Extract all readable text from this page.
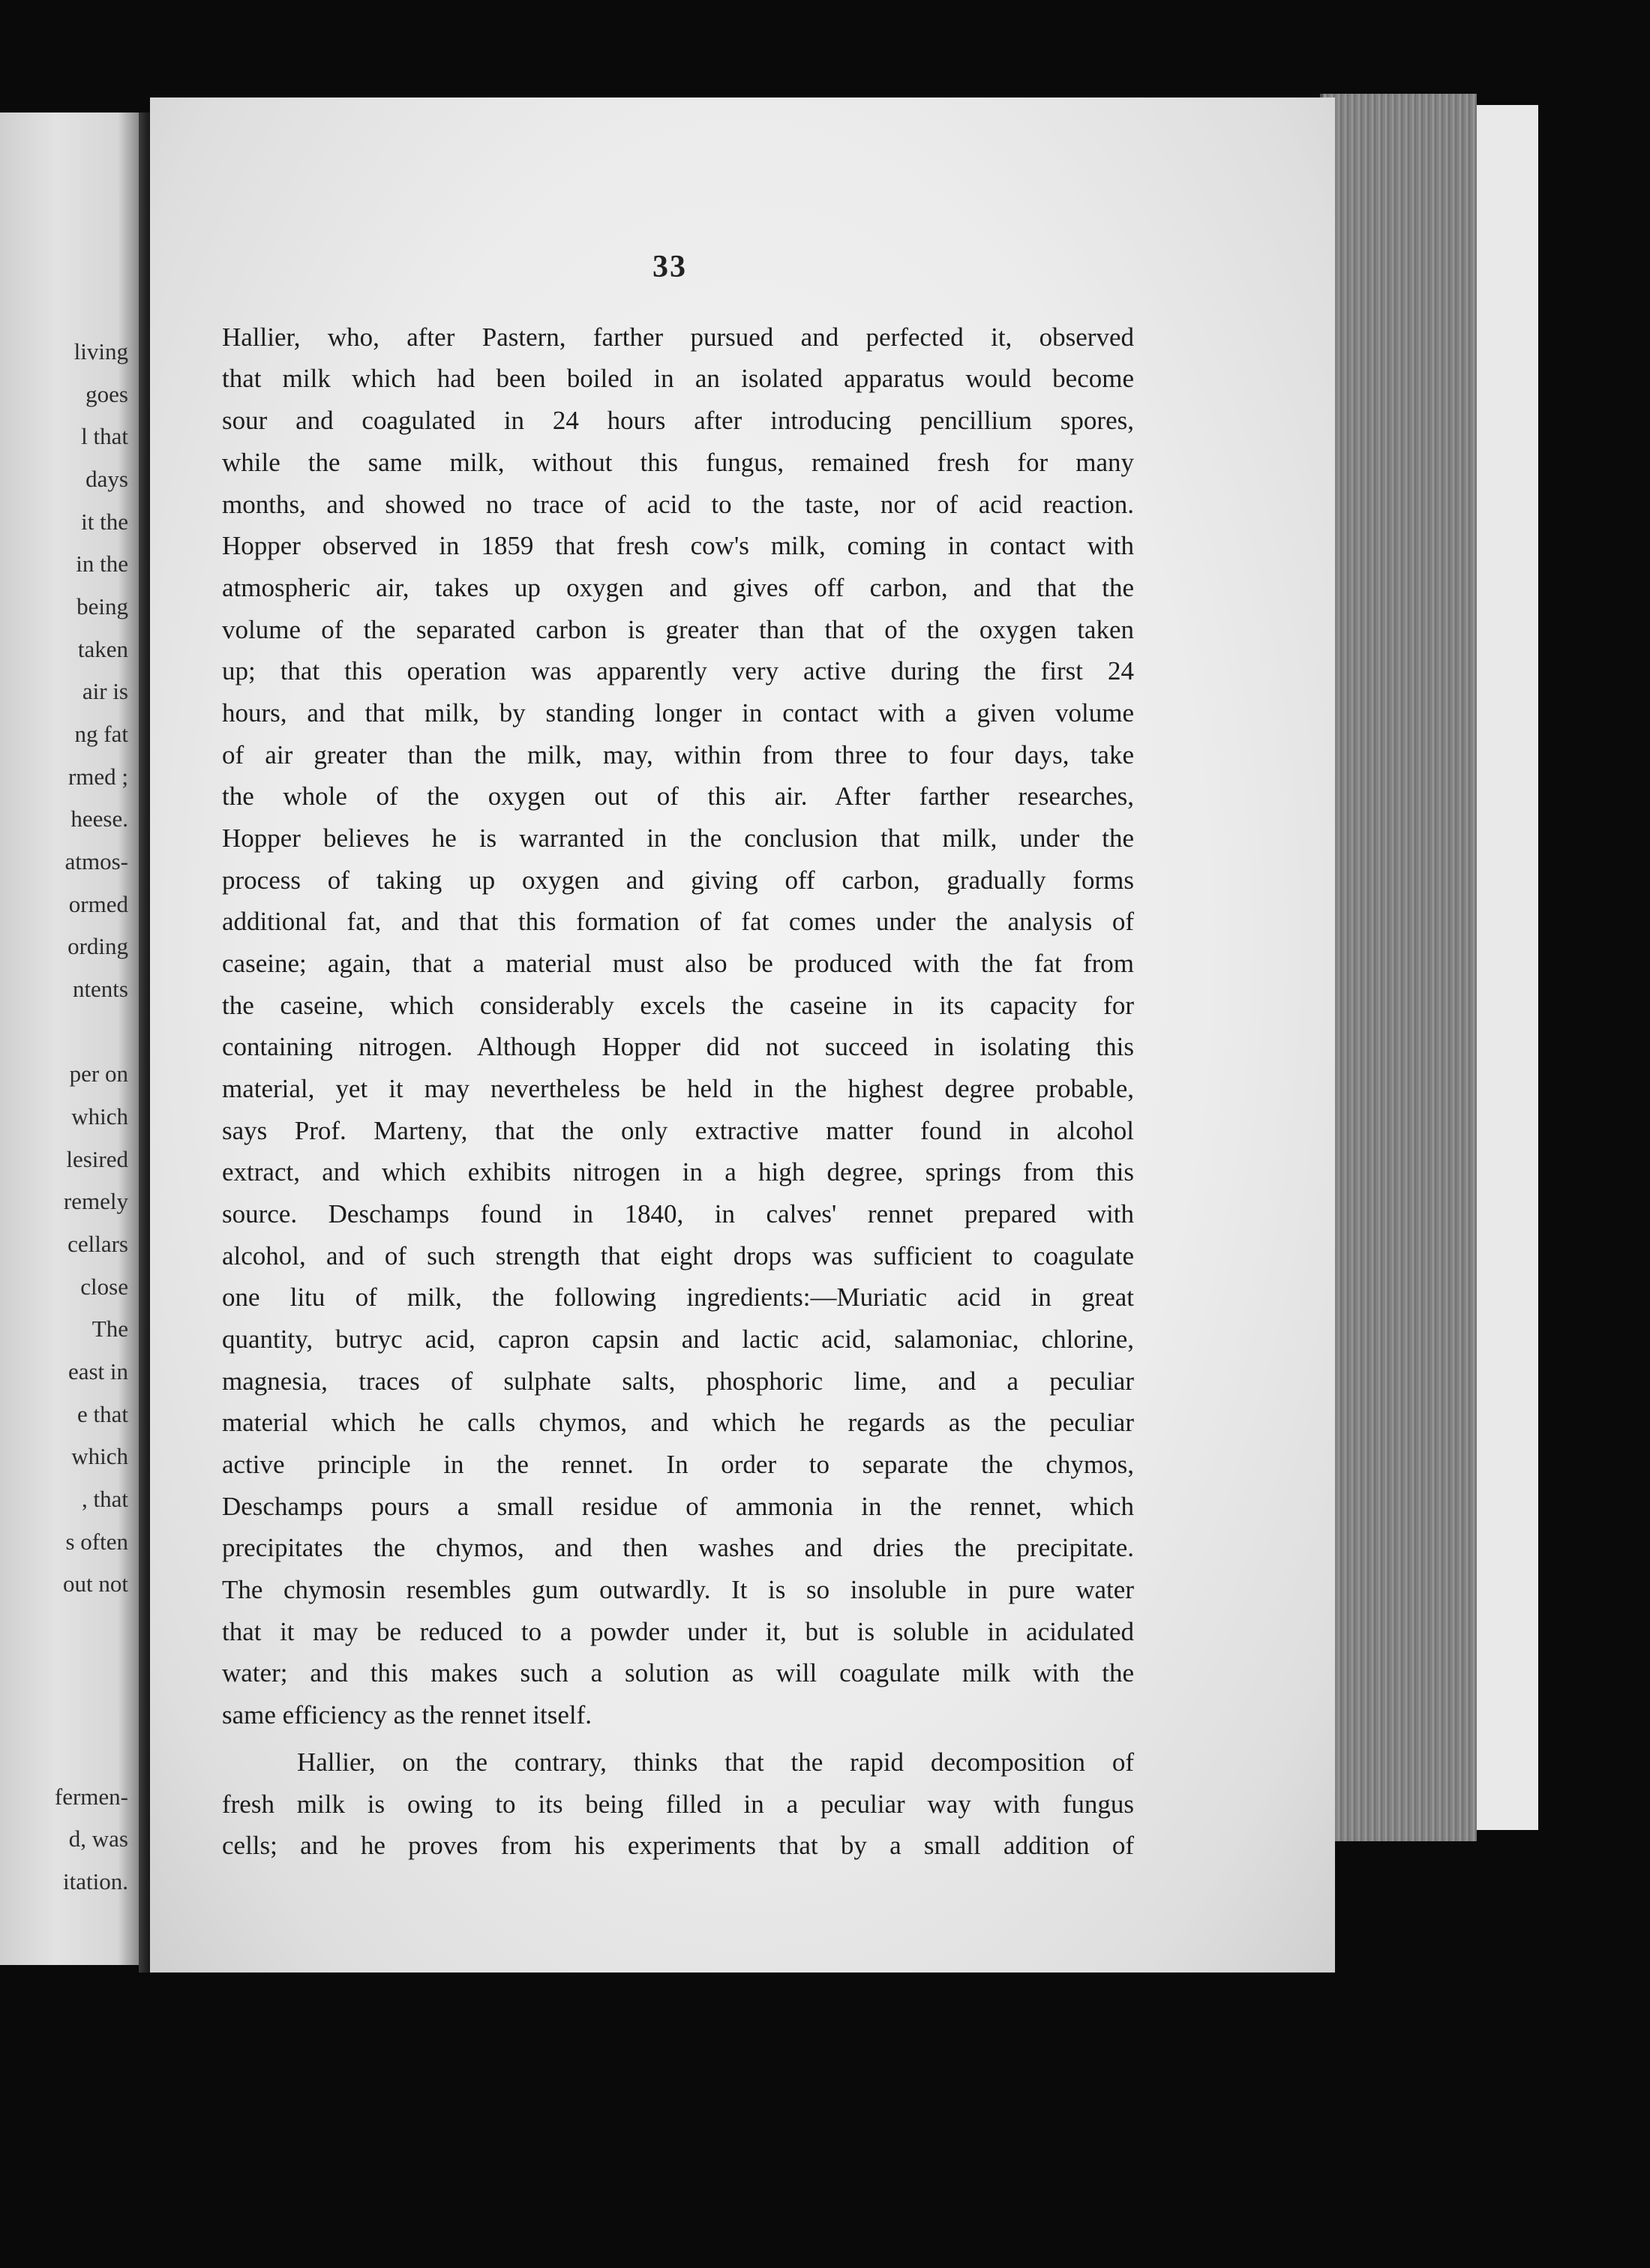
living
goes
l that
days
it the
in the
being
taken
air is
ng fat
rmed ;
heese.
atmos-
ormed
ording
ntents
per on
which
lesired
remely
cellars
close
The
east in
e that
which
, that
s often
out not
fermen-
d, was
itation.
33
Hallier, who, after Pastern, farther pursued and perfected it, observed
that milk which had been boiled in an isolated apparatus would become
sour and coagulated in 24 hours after introducing pencillium spores,
while the same milk, without this fungus, remained fresh for many
months, and showed no trace of acid to the taste, nor of acid reaction.
Hopper observed in 1859 that fresh cow's milk, coming in contact with
atmospheric air, takes up oxygen and gives off carbon, and that the
volume of the separated carbon is greater than that of the oxygen taken
up; that this operation was apparently very active during the first 24
hours, and that milk, by standing longer in contact with a given volume
of air greater than the milk, may, within from three to four days, take
the whole of the oxygen out of this air. After farther researches,
Hopper believes he is warranted in the conclusion that milk, under the
process of taking up oxygen and giving off carbon, gradually forms
additional fat, and that this formation of fat comes under the analysis of
caseine; again, that a material must also be produced with the fat from
the caseine, which considerably excels the caseine in its capacity for
containing nitrogen. Although Hopper did not succeed in isolating this
material, yet it may nevertheless be held in the highest degree probable,
says Prof. Marteny, that the only extractive matter found in alcohol
extract, and which exhibits nitrogen in a high degree, springs from this
source. Deschamps found in 1840, in calves' rennet prepared with
alcohol, and of such strength that eight drops was sufficient to coagulate
one litu of milk, the following ingredients:—Muriatic acid in great
quantity, butryc acid, capron capsin and lactic acid, salamoniac, chlorine,
magnesia, traces of sulphate salts, phosphoric lime, and a peculiar
material which he calls chymos, and which he regards as the peculiar
active principle in the rennet. In order to separate the chymos,
Deschamps pours a small residue of ammonia in the rennet, which
precipitates the chymos, and then washes and dries the precipitate.
The chymosin resembles gum outwardly. It is so insoluble in pure water
that it may be reduced to a powder under it, but is soluble in acidulated
water; and this makes such a solution as will coagulate milk with the
same efficiency as the rennet itself.
Hallier, on the contrary, thinks that the rapid decomposition of
fresh milk is owing to its being filled in a peculiar way with fungus
cells; and he proves from his experiments that by a small addition of
